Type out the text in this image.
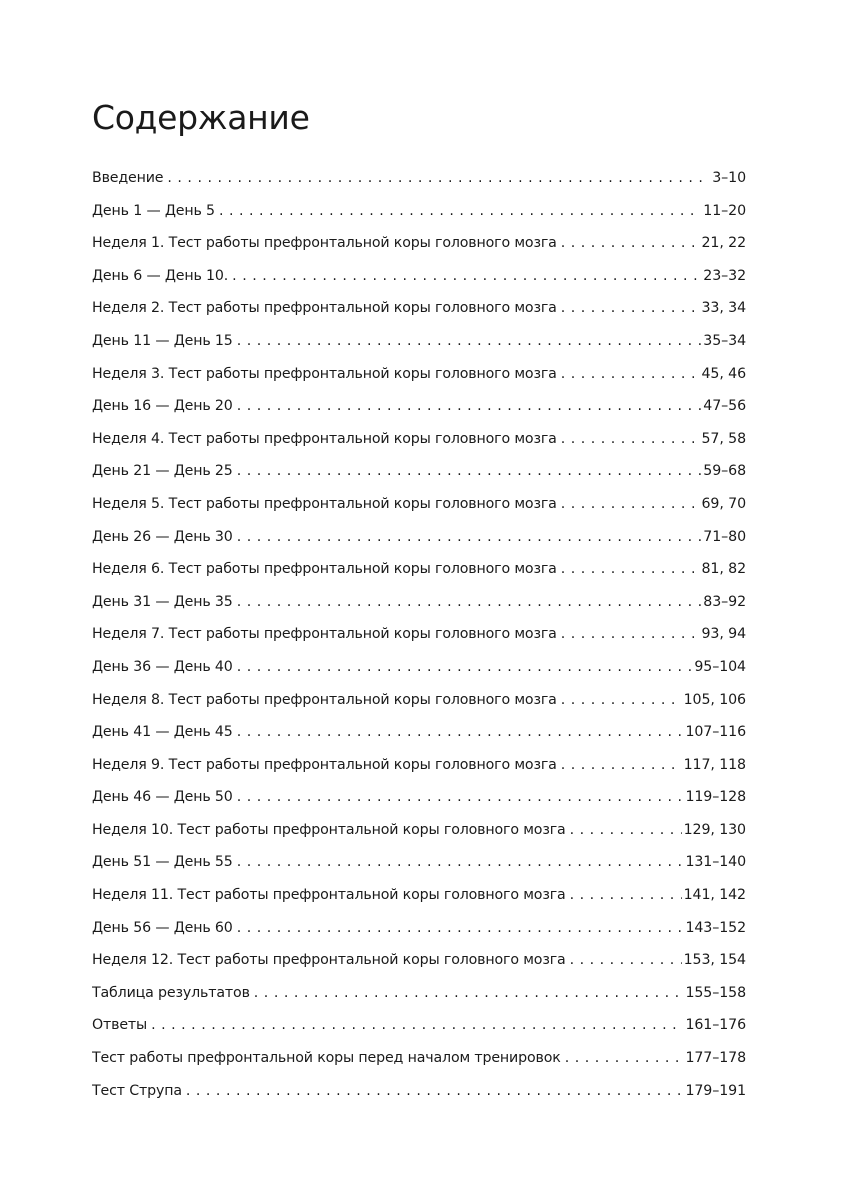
Содержание
Введение . . .	3–10
День 1 — День 5 . . .	11–20
Неделя 1. Тест работы префронтальной коры головного мозга . . .	21, 22
День 6 — День 10. . . .	23–32
Неделя 2. Тест работы префронтальной коры головного мозга . . .	33, 34
День 11 — День 15 . . .	35–34
Неделя 3. Тест работы префронтальной коры головного мозга . . .	45, 46
День 16 — День 20 . . .	47–56
Неделя 4. Тест работы префронтальной коры головного мозга . . .	57, 58
День 21 — День 25 . . .	59–68
Неделя 5. Тест работы префронтальной коры головного мозга . . .	69, 70
День 26 — День 30 . . .	71–80
Неделя 6. Тест работы префронтальной коры головного мозга . . .	81, 82
День 31 — День 35 . . .	83–92
Неделя 7. Тест работы префронтальной коры головного мозга . . .	93, 94
День 36 — День 40 . . .	95–104
Неделя 8. Тест работы префронтальной коры головного мозга . . .	105, 106
День 41 — День 45 . . .	107–116
Неделя 9. Тест работы префронтальной коры головного мозга . . .	117, 118
День 46 — День 50 . . .	119–128
Неделя 10. Тест работы префронтальной коры головного мозга . . .	129, 130
День 51 — День 55 . . .	131–140
Неделя 11. Тест работы префронтальной коры головного мозга . . .	141, 142
День 56 — День 60 . . .	143–152
Неделя 12. Тест работы префронтальной коры головного мозга . . .	153, 154
Таблица результатов . . .	155–158
Ответы . . .	161–176
Тест работы префронтальной коры перед началом тренировок . . .	177–178
Тест Струпа . . .	179–191
